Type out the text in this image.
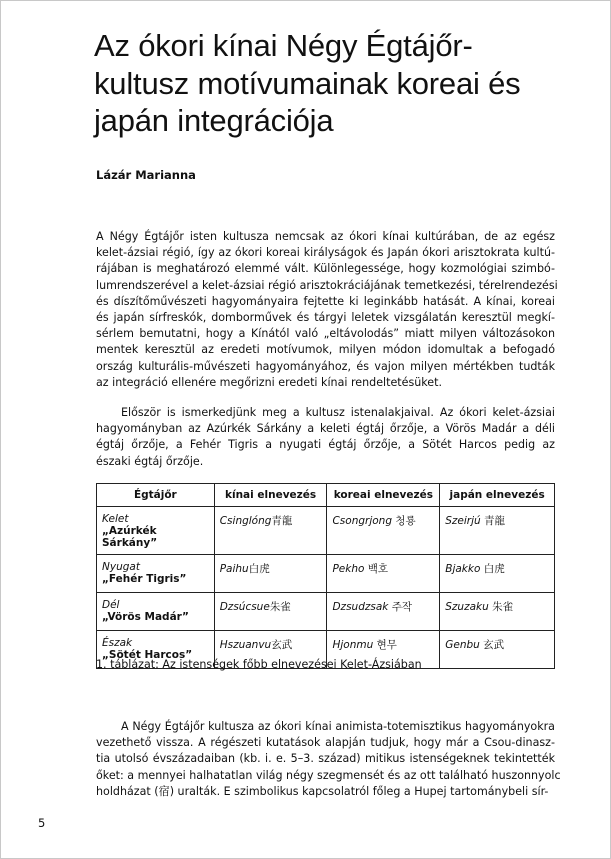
Az ókori kínai Négy Égtájőr-
kultusz motívumainak koreai és
japán integrációja
Lázár Marianna
A Négy Égtájőr isten kultusza nemcsak az ókori kínai kultúrában, de az egész
kelet-ázsiai régió, így az ókori koreai királyságok és Japán ókori arisztokrata kultú-
rájában is meghatározó elemmé vált. Különlegessége, hogy kozmológiai szimbó-
lumrendszerével a kelet-ázsiai régió arisztokráciájának temetkezési, térelrendezési
és díszítőművészeti hagyományaira fejtette ki leginkább hatását. A kínai, koreai
és japán sírfreskók, domborművek és tárgyi leletek vizsgálatán keresztül megkí-
sérlem bemutatni, hogy a Kínától való „eltávolodás” miatt milyen változásokon
mentek keresztül az eredeti motívumok, milyen módon idomultak a befogadó
ország kulturális-művészeti hagyományához, és vajon milyen mértékben tudták
az integráció ellenére megőrizni eredeti kínai rendeltetésüket.
Először is ismerkedjünk meg a kultusz istenalakjaival. Az ókori kelet-ázsiai
hagyományban az Azúrkék Sárkány a keleti égtáj őrzője, a Vörös Madár a déli
égtáj őrzője, a Fehér Tigris a nyugati égtáj őrzője, a Sötét Harcos pedig az
északi égtáj őrzője.
Égtájőr	kínai elnevezés	koreai elnevezés	japán elnevezés

Kelet
„Azúrkék Sárkány”	Csinglóng青龍	Csongrjong 청룡	Szeirjú 青龍

Nyugat
„Fehér Tigris”	Paihu白虎	Pekho 백호	Bjakko 白虎

Dél
„Vörös Madár”	Dzsúcsue朱雀	Dzsudzsak 주작	Szuzaku 朱雀

Észak
„Sötét Harcos”	Hszuanvu玄武	Hjonmu 현무	Genbu 玄武
1. táblázat: Az istenségek főbb elnevezései Kelet-Ázsiában
A Négy Égtájőr kultusza az ókori kínai animista-totemisztikus hagyományokra
vezethető vissza. A régészeti kutatások alapján tudjuk, hogy már a Csou-dinasz-
tia utolsó évszázadaiban (kb. i. e. 5–3. század) mitikus istenségeknek tekintették
őket: a mennyei halhatatlan világ négy szegmensét és az ott található huszonnyolc
holdházat (宿) uralták. E szimbolikus kapcsolatról főleg a Hupej tartománybeli sír-
5
